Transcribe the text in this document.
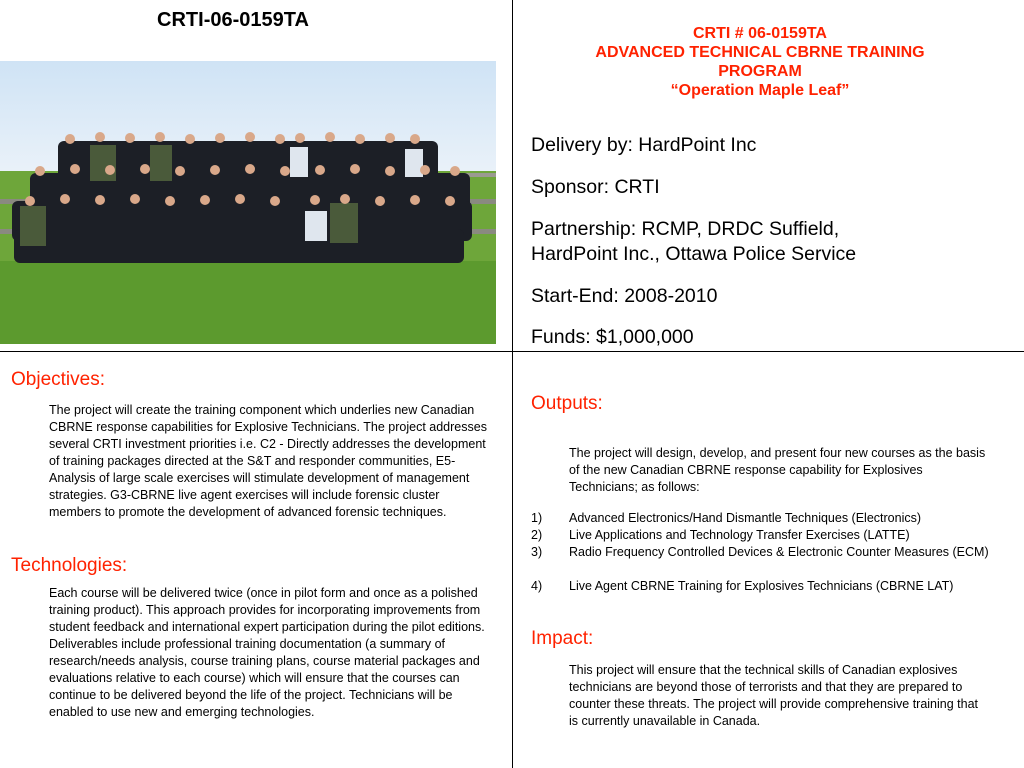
CRTI-06-0159TA
CRTI # 06-0159TA
ADVANCED TECHNICAL CBRNE TRAINING
PROGRAM
“Operation Maple Leaf”
Delivery by: HardPoint Inc
Sponsor: CRTI
Partnership: RCMP, DRDC Suffield,
HardPoint Inc., Ottawa Police Service
Start-End: 2008-2010
Funds: $1,000,000
Objectives:
The project will create the training component which underlies new Canadian CBRNE response capabilities for Explosive Technicians. The project addresses several CRTI investment priorities i.e. C2 - Directly addresses the development of training packages directed at the S&T and responder communities, E5-Analysis of large scale exercises will stimulate development of management strategies. G3-CBRNE live agent exercises will include forensic cluster members to promote the development of advanced forensic techniques.
Technologies:
Each course will be delivered twice (once in pilot form and once as a polished training product). This approach provides for incorporating improvements from student feedback and international expert participation during the pilot editions. Deliverables include professional training documentation (a summary of research/needs analysis, course training plans, course material packages and evaluations relative to each course) which will ensure that the courses can continue to be delivered beyond the life of the project. Technicians will be enabled to use new and emerging technologies.
Outputs:
The project will design, develop, and present four new courses as the basis of the new Canadian CBRNE response capability for Explosives Technicians; as follows:
1) Advanced Electronics/Hand Dismantle Techniques (Electronics)
2) Live Applications and Technology Transfer Exercises (LATTE)
3) Radio Frequency Controlled Devices & Electronic Counter Measures (ECM)
4) Live Agent CBRNE Training for Explosives Technicians (CBRNE LAT)
Impact:
This project will ensure that the technical skills of Canadian explosives technicians are beyond those of terrorists and that they are prepared to counter these threats. The project will provide comprehensive training that is currently unavailable in Canada.
